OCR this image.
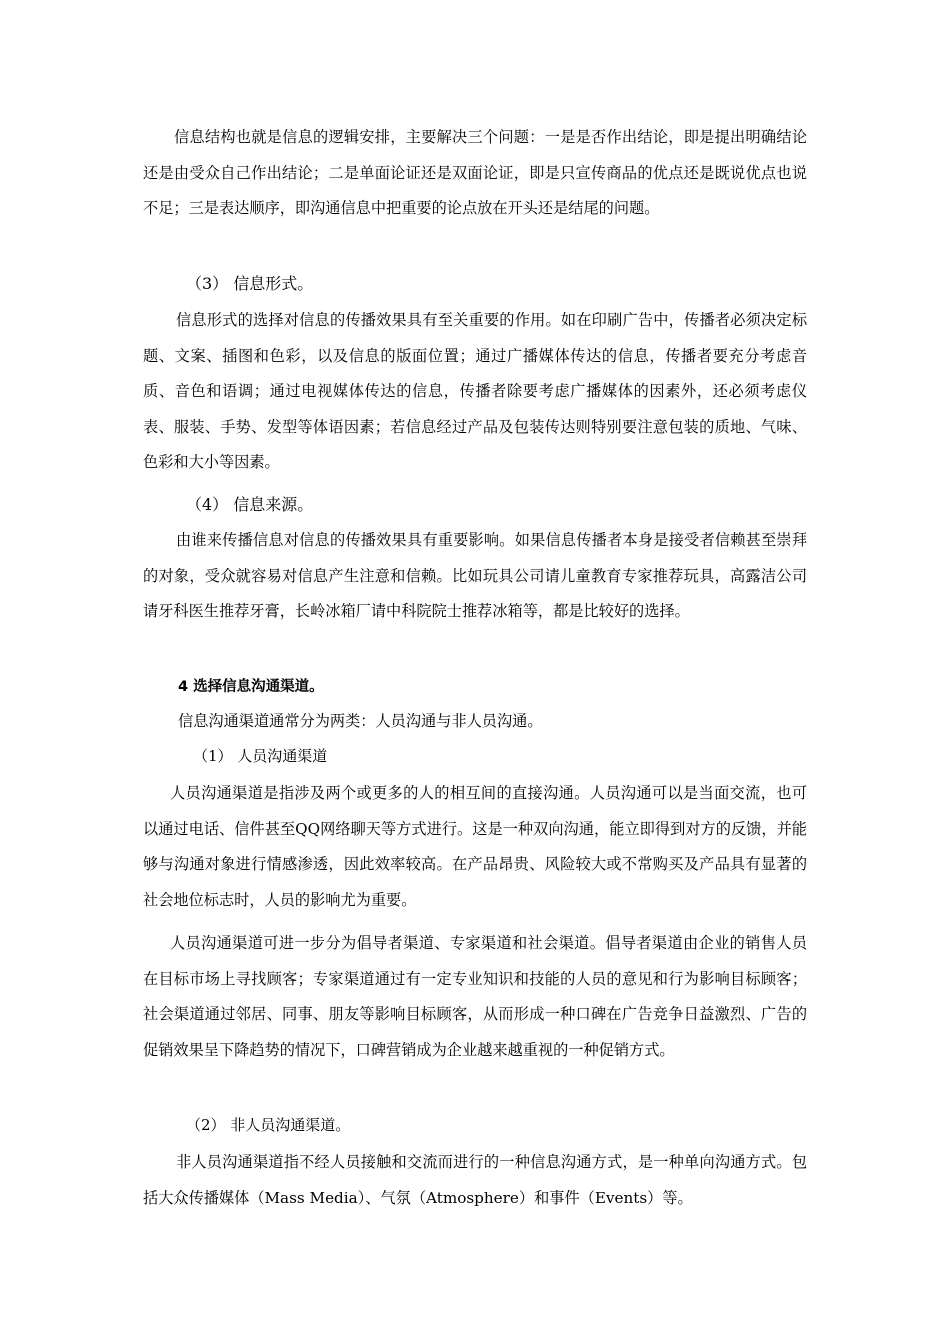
信息结构也就是信息的逻辑安排，主要解决三个问题：一是是否作出结论，即是提出明确结论还是由受众自己作出结论；二是单面论证还是双面论证，即是只宣传商品的优点还是既说优点也说不足；三是表达顺序，即沟通信息中把重要的论点放在开头还是结尾的问题。

（3） 信息形式。

信息形式的选择对信息的传播效果具有至关重要的作用。如在印刷广告中，传播者必须决定标题、文案、插图和色彩，以及信息的版面位置；通过广播媒体传达的信息，传播者要充分考虑音质、音色和语调；通过电视媒体传达的信息，传播者除要考虑广播媒体的因素外，还必须考虑仪表、服装、手势、发型等体语因素；若信息经过产品及包装传达则特别要注意包装的质地、气味、色彩和大小等因素。

（4） 信息来源。

由谁来传播信息对信息的传播效果具有重要影响。如果信息传播者本身是接受者信赖甚至崇拜的对象，受众就容易对信息产生注意和信赖。比如玩具公司请儿童教育专家推荐玩具，高露洁公司请牙科医生推荐牙膏，长岭冰箱厂请中科院院士推荐冰箱等，都是比较好的选择。

4 选择信息沟通渠道。

信息沟通渠道通常分为两类：人员沟通与非人员沟通。

（1） 人员沟通渠道

人员沟通渠道是指涉及两个或更多的人的相互间的直接沟通。人员沟通可以是当面交流，也可以通过电话、信件甚至QQ网络聊天等方式进行。这是一种双向沟通，能立即得到对方的反馈，并能够与沟通对象进行情感渗透，因此效率较高。在产品昂贵、风险较大或不常购买及产品具有显著的社会地位标志时，人员的影响尤为重要。

人员沟通渠道可进一步分为倡导者渠道、专家渠道和社会渠道。倡导者渠道由企业的销售人员在目标市场上寻找顾客；专家渠道通过有一定专业知识和技能的人员的意见和行为影响目标顾客；社会渠道通过邻居、同事、朋友等影响目标顾客，从而形成一种口碑在广告竞争日益激烈、广告的促销效果呈下降趋势的情况下，口碑营销成为企业越来越重视的一种促销方式。

（2） 非人员沟通渠道。

非人员沟通渠道指不经人员接触和交流而进行的一种信息沟通方式，是一种单向沟通方式。包括大众传播媒体（Mass Media）、气氛（Atmosphere）和事件（Events）等。
